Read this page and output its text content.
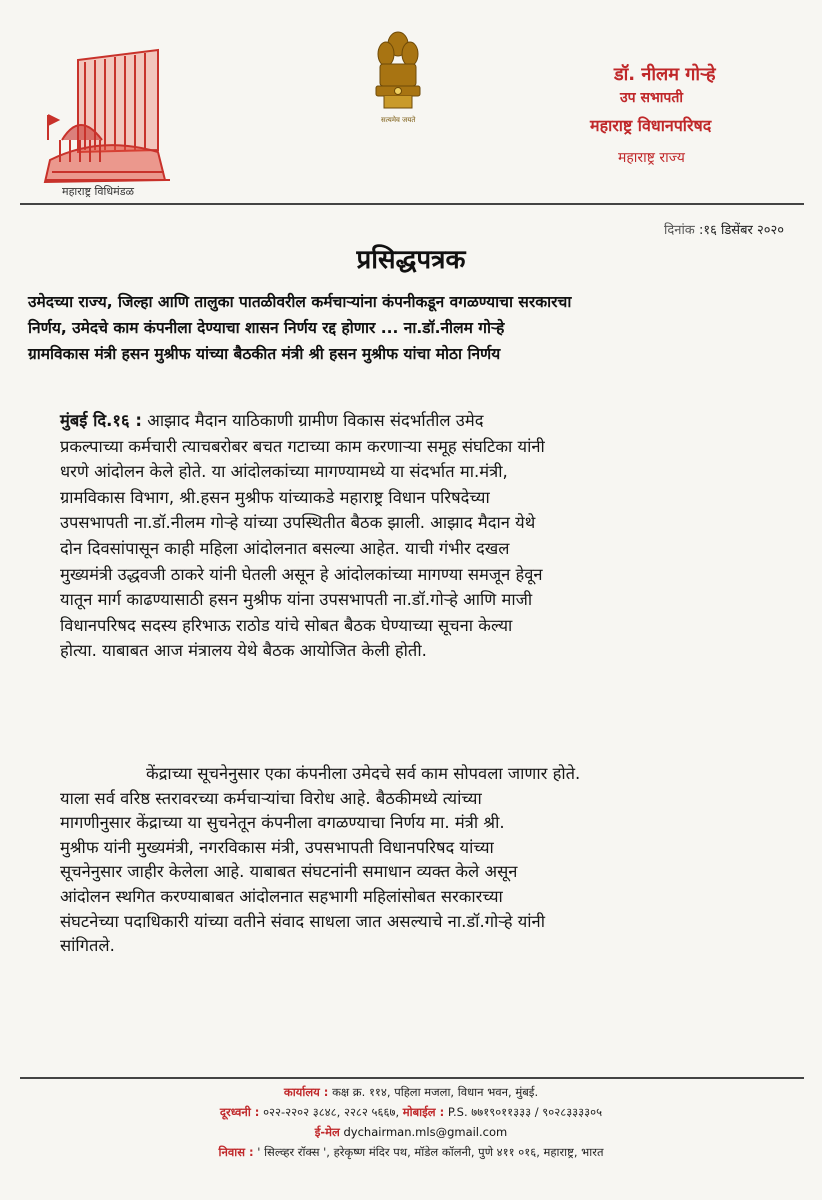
महाराष्ट्र विधिमंडळ
सत्यमेव जयते
डॉ. नीलम गोऱ्हे
उप सभापती
महाराष्ट्र विधानपरिषद
महाराष्ट्र राज्य
दिनांक :१६ डिसेंबर २०२०
प्रसिद्धपत्रक
उमेदच्या राज्य, जिल्हा आणि तालुका पातळीवरील कर्मचाऱ्यांना कंपनीकडून वगळण्याचा सरकारचा
निर्णय, उमेदचे काम कंपनीला देण्याचा शासन निर्णय रद्द होणार ... ना.डॉ.नीलम गोऱ्हे
ग्रामविकास मंत्री हसन मुश्रीफ यांच्या बैठकीत मंत्री श्री हसन मुश्रीफ यांचा मोठा निर्णय
मुंबई दि.१६ : आझाद मैदान याठिकाणी ग्रामीण विकास संदर्भातील उमेद
प्रकल्पाच्या कर्मचारी त्याचबरोबर बचत गटाच्या काम करणाऱ्या समूह संघटिका यांनी
धरणे आंदोलन केले होते. या आंदोलकांच्या मागण्यामध्ये या संदर्भात मा.मंत्री,
ग्रामविकास विभाग, श्री.हसन मुश्रीफ यांच्याकडे महाराष्ट्र विधान परिषदेच्या
उपसभापती ना.डॉ.नीलम गोऱ्हे यांच्या उपस्थितीत बैठक झाली. आझाद मैदान येथे
दोन दिवसांपासून काही महिला आंदोलनात बसल्या आहेत. याची गंभीर दखल
मुख्यमंत्री उद्धवजी ठाकरे यांनी घेतली असून हे आंदोलकांच्या मागण्या समजून हेवून
यातून मार्ग काढण्यासाठी हसन मुश्रीफ यांना उपसभापती ना.डॉ.गोऱ्हे आणि माजी
विधानपरिषद सदस्य हरिभाऊ राठोड यांचे सोबत बैठक घेण्याच्या सूचना केल्या
होत्या. याबाबत आज मंत्रालय येथे बैठक आयोजित केली होती.
केंद्राच्या सूचनेनुसार एका कंपनीला उमेदचे सर्व काम सोपवला जाणार होते.
याला सर्व वरिष्ठ स्तरावरच्या कर्मचाऱ्यांचा विरोध आहे. बैठकीमध्ये त्यांच्या
मागणीनुसार केंद्राच्या या सुचनेतून कंपनीला वगळण्याचा निर्णय मा. मंत्री श्री.
मुश्रीफ यांनी मुख्यमंत्री, नगरविकास मंत्री, उपसभापती विधानपरिषद यांच्या
सूचनेनुसार जाहीर केलेला आहे. याबाबत संघटनांनी समाधान व्यक्त केले असून
आंदोलन स्थगित करण्याबाबत आंदोलनात सहभागी महिलांसोबत सरकारच्या
संघटनेच्या पदाधिकारी यांच्या वतीने संवाद साधला जात असल्याचे ना.डॉ.गोऱ्हे यांनी
सांगितले.
कार्यालय : कक्ष क्र. ११४, पहिला मजला, विधान भवन, मुंबई.
दूरध्वनी : ०२२-२२०२ ३८४८, २२८२ ५६६७, मोबाईल : P.S. ७७१९०११३३३ / ९०२८३३३३०५
ई-मेल dychairman.mls@gmail.com
निवास : ' सिल्व्हर रॉक्स ', हरेकृष्ण मंदिर पथ, मॉडेल कॉलनी, पुणे ४११ ०१६, महाराष्ट्र, भारत
